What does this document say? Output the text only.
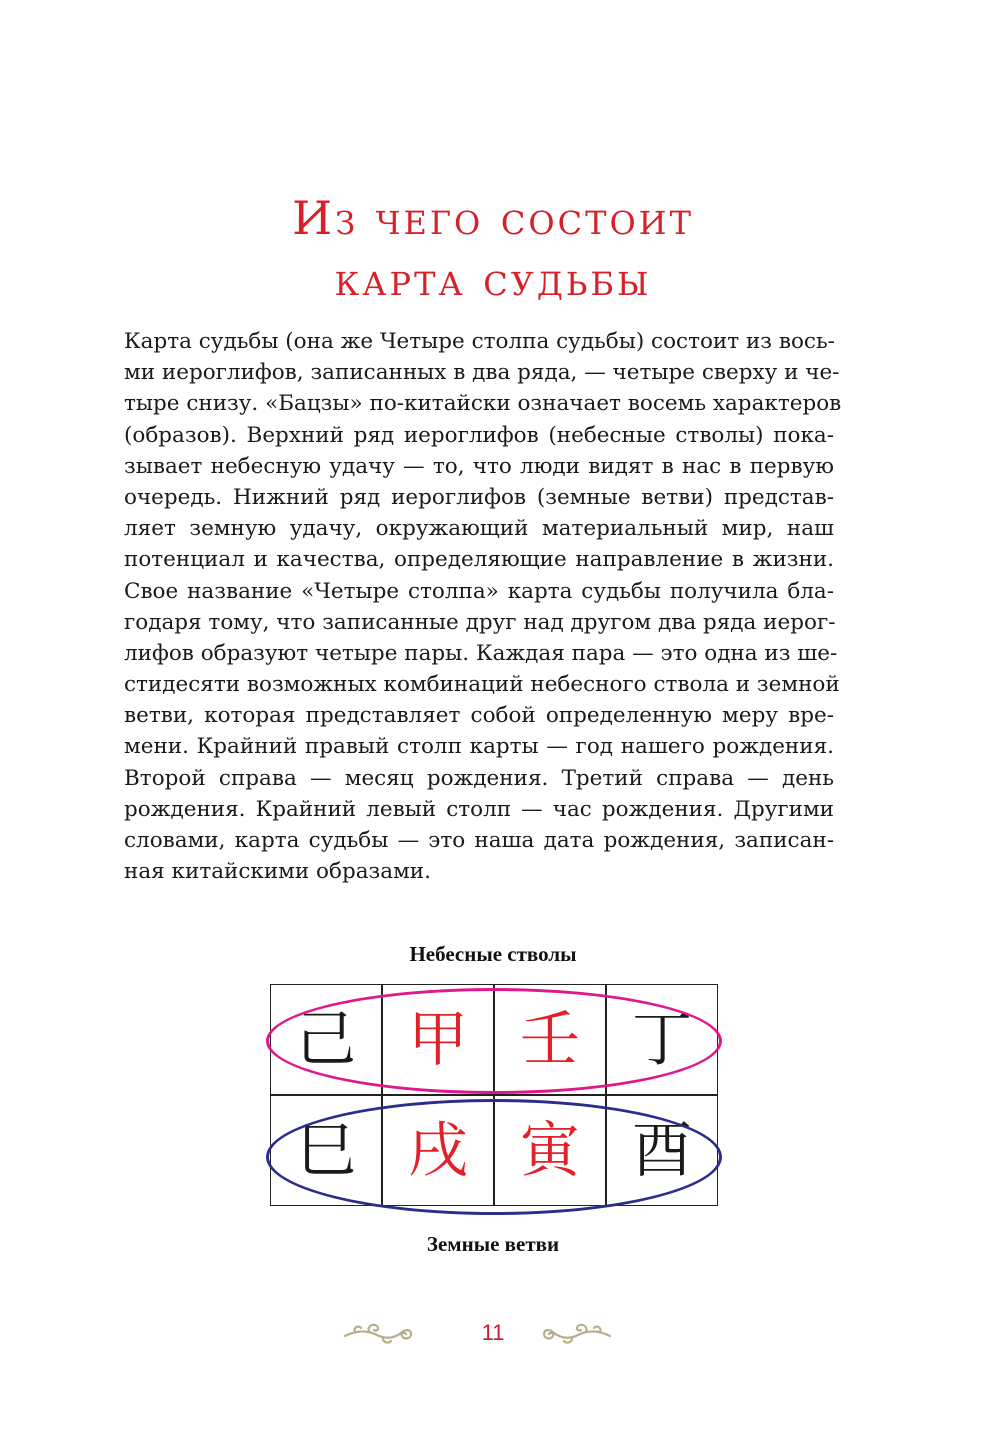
Из чего состоит
карта судьбы
Карта судьбы (она же Четыре столпа судьбы) состоит из вось-
ми иероглифов, записанных в два ряда, — четыре сверху и че-
тыре снизу. «Бацзы» по-китайски означает восемь характеров
(образов). Верхний ряд иероглифов (небесные стволы) пока-
зывает небесную удачу — то, что люди видят в нас в первую
очередь. Нижний ряд иероглифов (земные ветви) представ-
ляет земную удачу, окружающий материальный мир, наш
потенциал и качества, определяющие направление в жизни.
Свое название «Четыре столпа» карта судьбы получила бла-
годаря тому, что записанные друг над другом два ряда иерог-
лифов образуют четыре пары. Каждая пара — это одна из ше-
стидесяти возможных комбинаций небесного ствола и земной
ветви, которая представляет собой определенную меру вре-
мени. Крайний правый столп карты — год нашего рождения.
Второй справа — месяц рождения. Третий справа — день
рождения. Крайний левый столп — час рождения. Другими
словами, карта судьбы — это наша дата рождения, записан-
ная китайскими образами.
Небесные стволы
酉
寅
戌
巳
丁
壬
甲
己
Земные ветви
11
